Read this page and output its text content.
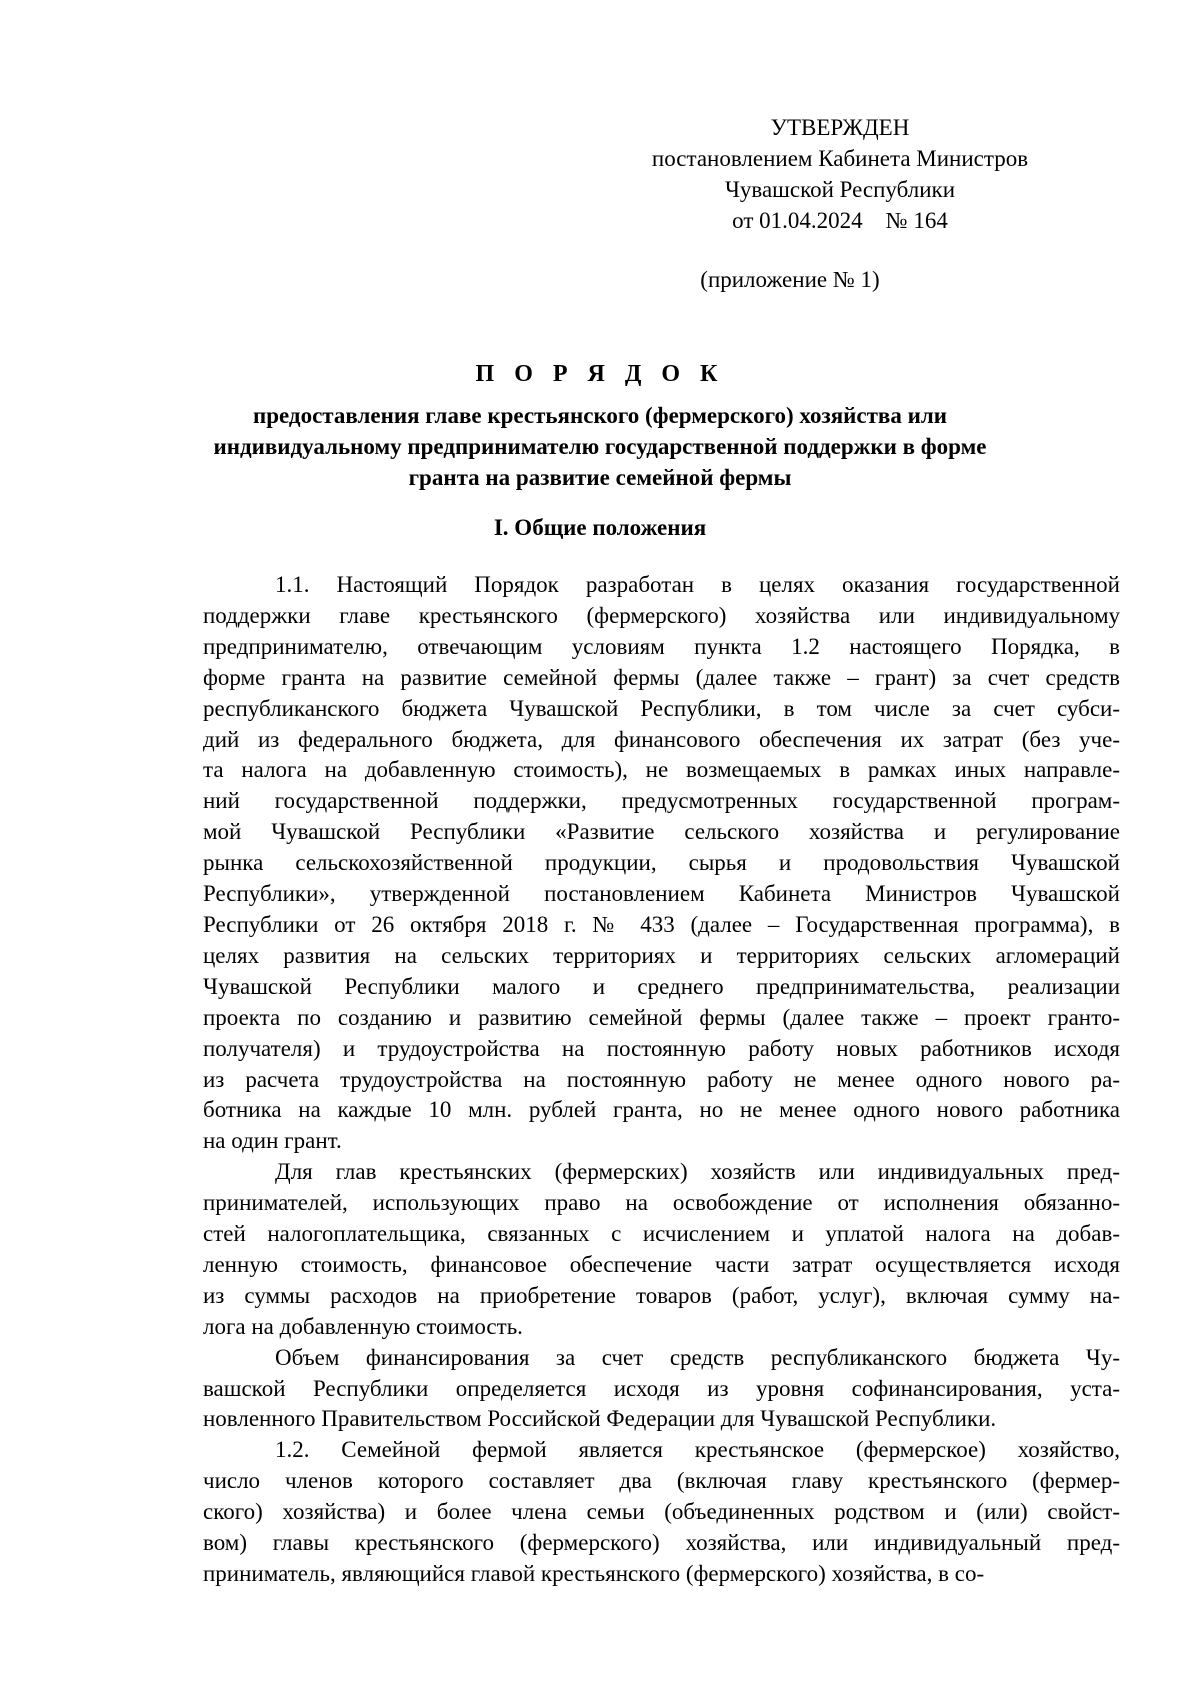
УТВЕРЖДЕН
постановлением Кабинета Министров
Чувашской Республики
от 01.04.2024    № 164
(приложение № 1)
П О Р Я Д О К
предоставления главе крестьянского (фермерского) хозяйства или
индивидуальному предпринимателю государственной поддержки в форме
гранта на развитие семейной фермы
I. Общие положения

1.1. Настоящий Порядок разработан в целях оказания государственной
поддержки главе крестьянского (фермерского) хозяйства или индивидуальному
предпринимателю, отвечающим условиям пункта 1.2 настоящего Порядка, в
форме гранта на развитие семейной фермы (далее также – грант) за счет средств
республиканского бюджета Чувашской Республики, в том числе за счет субси-
дий из федерального бюджета, для финансового обеспечения их затрат (без уче-
та налога на добавленную стоимость), не возмещаемых в рамках иных направле-
ний государственной поддержки, предусмотренных государственной програм-
мой Чувашской Республики «Развитие сельского хозяйства и регулирование
рынка сельскохозяйственной продукции, сырья и продовольствия Чувашской
Республики», утвержденной постановлением Кабинета Министров Чувашской
Республики от 26 октября 2018 г. № 433 (далее – Государственная программа), в
целях развития на сельских территориях и территориях сельских агломераций
Чувашской Республики малого и среднего предпринимательства, реализации
проекта по созданию и развитию семейной фермы (далее также – проект гранто-
получателя) и трудоустройства на постоянную работу новых работников исходя
из расчета трудоустройства на постоянную работу не менее одного нового ра-
ботника на каждые 10 млн. рублей гранта, но не менее одного нового работника
на один грант.

Для глав крестьянских (фермерских) хозяйств или индивидуальных пред-
принимателей, использующих право на освобождение от исполнения обязанно-
стей налогоплательщика, связанных с исчислением и уплатой налога на добав-
ленную стоимость, финансовое обеспечение части затрат осуществляется исходя
из суммы расходов на приобретение товаров (работ, услуг), включая сумму на-
лога на добавленную стоимость.

Объем финансирования за счет средств республиканского бюджета Чу-
вашской Республики определяется исходя из уровня софинансирования, уста-
новленного Правительством Российской Федерации для Чувашской Республики.

1.2. Семейной фермой является крестьянское (фермерское) хозяйство,
число членов которого составляет два (включая главу крестьянского (фермер-
ского) хозяйства) и более члена семьи (объединенных родством и (или) свойст-
вом) главы крестьянского (фермерского) хозяйства, или индивидуальный пред-
приниматель, являющийся главой крестьянского (фермерского) хозяйства, в со-
